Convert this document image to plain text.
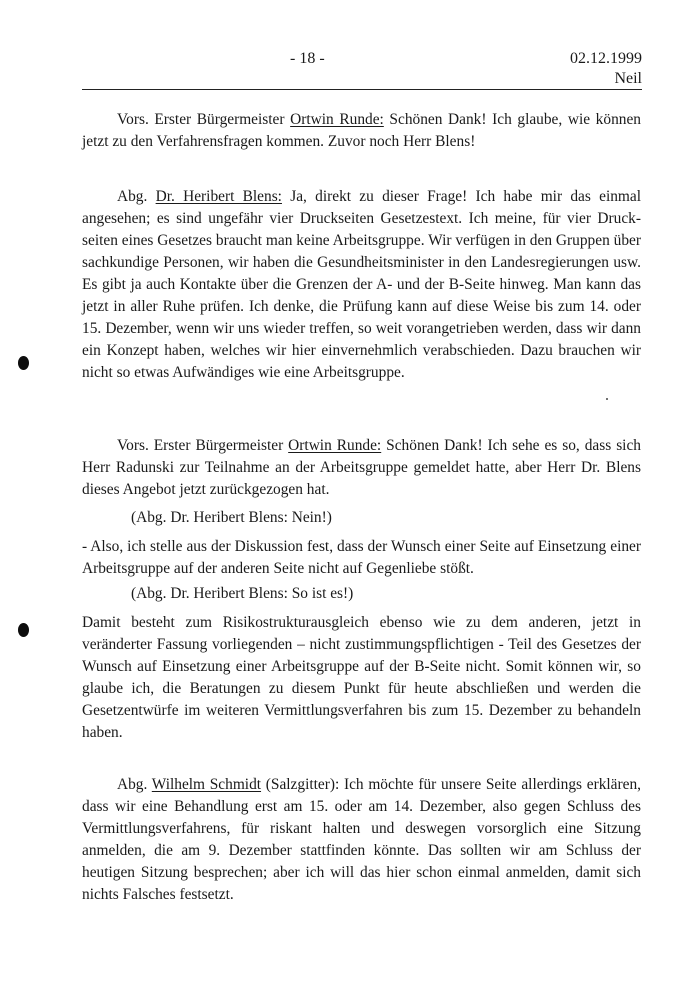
- 18 -	02.12.1999
Neil

Vors. Erster Bürgermeister Ortwin Runde: Schönen Dank! Ich glaube, wie können jetzt zu den Verfahrensfragen kommen. Zuvor noch Herr Blens!

Abg. Dr. Heribert Blens: Ja, direkt zu dieser Frage! Ich habe mir das einmal angesehen; es sind ungefähr vier Druckseiten Gesetzestext. Ich meine, für vier Druckseiten eines Gesetzes braucht man keine Arbeitsgruppe. Wir verfügen in den Gruppen über sachkundige Personen, wir haben die Gesundheitsminister in den Landesregierungen usw. Es gibt ja auch Kontakte über die Grenzen der A- und der B-Seite hinweg. Man kann das jetzt in aller Ruhe prüfen. Ich denke, die Prüfung kann auf diese Weise bis zum 14. oder 15. Dezember, wenn wir uns wieder treffen, so weit vorangetrieben werden, dass wir dann ein Konzept haben, welches wir hier einvernehmlich verabschieden. Dazu brauchen wir nicht so etwas Aufwändiges wie eine Arbeitsgruppe.

Vors. Erster Bürgermeister Ortwin Runde: Schönen Dank! Ich sehe es so, dass sich Herr Radunski zur Teilnahme an der Arbeitsgruppe gemeldet hatte, aber Herr Dr. Blens dieses Angebot jetzt zurückgezogen hat.

(Abg. Dr. Heribert Blens: Nein!)

- Also, ich stelle aus der Diskussion fest, dass der Wunsch einer Seite auf Einsetzung einer Arbeitsgruppe auf der anderen Seite nicht auf Gegenliebe stößt.

(Abg. Dr. Heribert Blens: So ist es!)

Damit besteht zum Risikostrukturausgleich ebenso wie zu dem anderen, jetzt in veränderter Fassung vorliegenden – nicht zustimmungspflichtigen - Teil des Gesetzes der Wunsch auf Einsetzung einer Arbeitsgruppe auf der B-Seite nicht. Somit können wir, so glaube ich, die Beratungen zu diesem Punkt für heute abschließen und werden die Gesetzentwürfe im weiteren Vermittlungsverfahren bis zum 15. Dezember zu behandeln haben.

Abg. Wilhelm Schmidt (Salzgitter): Ich möchte für unsere Seite allerdings erklären, dass wir eine Behandlung erst am 15. oder am 14. Dezember, also gegen Schluss des Vermittlungsverfahrens, für riskant halten und deswegen vorsorglich eine Sitzung anmelden, die am 9. Dezember stattfinden könnte. Das sollten wir am Schluss der heutigen Sitzung besprechen; aber ich will das hier schon einmal anmelden, damit sich nichts Falsches festsetzt.
